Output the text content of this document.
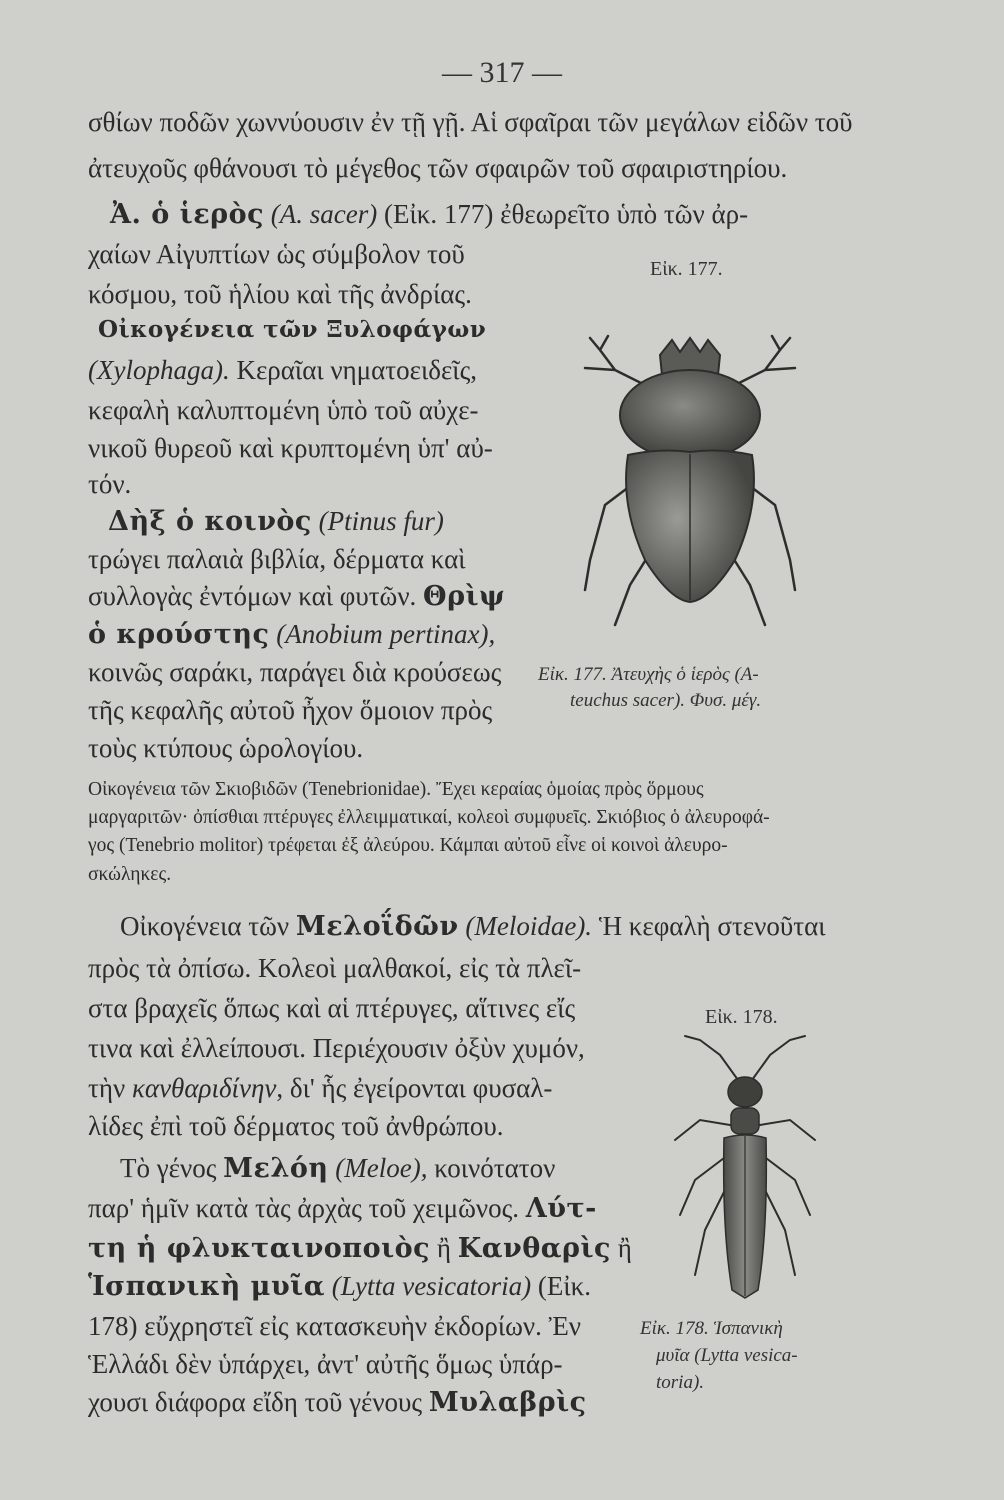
— 317 —
σθίων ποδῶν χωννύουσιν ἐν τῇ γῇ. Αἱ σφαῖραι τῶν μεγάλων εἰδῶν τοῦ
ἀτευχοῦς φθάνουσι τὸ μέγεθος τῶν σφαιρῶν τοῦ σφαιριστηρίου.
Ἀ. ὁ ἱερὸς (A. sacer) (Εἰκ. 177) ἐθεωρεῖτο ὑπὸ τῶν ἀρ-
χαίων Αἰγυπτίων ὡς σύμβολον τοῦ
κόσμου, τοῦ ἡλίου καὶ τῆς ἀνδρίας.
Οἰκογένεια τῶν Ξυλοφάγων
(Xylophaga). Κεραῖαι νηματοειδεῖς,
κεφαλὴ καλυπτομένη ὑπὸ τοῦ αὐχε-
νικοῦ θυρεοῦ καὶ κρυπτομένη ὑπ' αὐ-
τόν.
Δὴξ ὁ κοινὸς (Ptinus fur)
τρώγει παλαιὰ βιβλία, δέρματα καὶ
συλλογὰς ἐντόμων καὶ φυτῶν. Θρὶψ
ὁ κρούστης (Anobium pertinax),
κοινῶς σαράκι, παράγει διὰ κρούσεως
τῆς κεφαλῆς αὐτοῦ ἦχον ὅμοιον πρὸς
τοὺς κτύπους ὡρολογίου.
Εἰκ. 177.
Εἰκ. 177. Ἀτευχὴς ὁ ἱερὸς (A-
teuchus sacer). Φυσ. μέγ.
Οἰκογένεια τῶν Σκιοβιδῶν (Tenebrionidae). Ἔχει κεραίας ὁμοίας πρὸς ὅρμους
μαργαριτῶν· ὀπίσθιαι πτέρυγες ἐλλειμματικαί, κολεοὶ συμφυεῖς. Σκιόβιος ὁ ἀλευροφά-
γος (Tenebrio molitor) τρέφεται ἐξ ἀλεύρου. Κάμπαι αὐτοῦ εἶνε οἱ κοινοὶ ἀλευρο-
σκώληκες.
Οἰκογένεια τῶν Μελοΐδῶν (Meloidae). Ἡ κεφαλὴ στενοῦται
πρὸς τὰ ὀπίσω. Κολεοὶ μαλθακοί, εἰς τὰ πλεῖ-
στα βραχεῖς ὅπως καὶ αἱ πτέρυγες, αἵτινες εἴς
τινα καὶ ἐλλείπουσι. Περιέχουσιν ὀξὺν χυμόν,
τὴν κανθαριδίνην, δι' ἧς ἐγείρονται φυσαλ-
λίδες ἐπὶ τοῦ δέρματος τοῦ ἀνθρώπου.
Τὸ γένος Μελόη (Meloe), κοινότατον
παρ' ἡμῖν κατὰ τὰς ἀρχὰς τοῦ χειμῶνος. Λύτ-
τη ἡ φλυκταινοποιὸς ἢ Κανθαρὶς ἢ
Ἱσπανικὴ μυῖα (Lytta vesicatoria) (Εἰκ.
178) εὔχρηστεῖ εἰς κατασκευὴν ἐκδορίων. Ἐν
Ἑλλάδι δὲν ὑπάρχει, ἀντ' αὐτῆς ὅμως ὑπάρ-
χουσι διάφορα εἴδη τοῦ γένους Μυλαβρὶς
Εἰκ. 178.
Εἰκ. 178. Ἱσπανικὴ
μυῖα (Lytta vesica-
toria).
